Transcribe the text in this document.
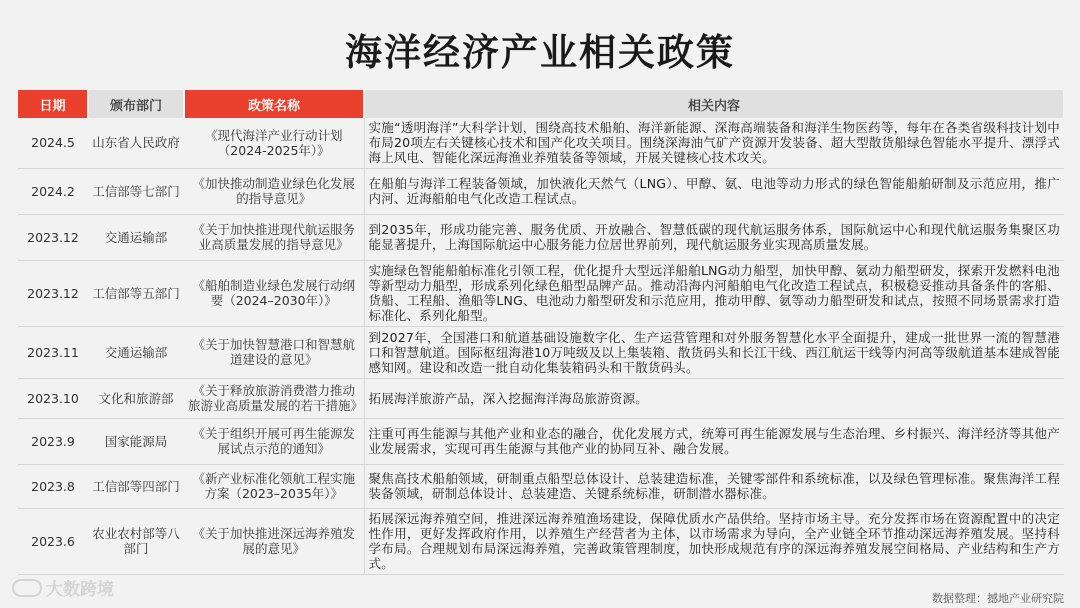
海洋经济产业相关政策
日期	颁布部门	政策名称	相关内容
2024.5	山东省人民政府	《现代海洋产业行动计划（2024-2025年）》	实施“透明海洋”大科学计划，围绕高技术船舶、海洋新能源、深海高端装备和海洋生物医药等，每年在各类省级科技计划中布局20项左右关键核心技术和国产化攻关项目。围绕深海油气矿产资源开发装备、超大型散货船绿色智能水平提升、漂浮式海上风电、智能化深远海渔业养殖装备等领域，开展关键核心技术攻关。
2024.2	工信部等七部门	《加快推动制造业绿色化发展的指导意见》	在船舶与海洋工程装备领域，加快液化天然气（LNG）、甲醇、氨、电池等动力形式的绿色智能船舶研制及示范应用，推广内河、近海船舶电气化改造工程试点。
2023.12	交通运输部	《关于加快推进现代航运服务业高质量发展的指导意见》	到2035年，形成功能完善、服务优质、开放融合、智慧低碳的现代航运服务体系，国际航运中心和现代航运服务集聚区功能显著提升，上海国际航运中心服务能力位居世界前列，现代航运服务业实现高质量发展。
2023.12	工信部等五部门	《船舶制造业绿色发展行动纲要（2024–2030年）》	实施绿色智能船舶标准化引领工程，优化提升大型远洋船舶LNG动力船型，加快甲醇、氨动力船型研发，探索开发燃料电池等新型动力船型，形成系列化绿色船型品牌产品。推动沿海内河船舶电气化改造工程试点，积极稳妥推动具备条件的客船、货船、工程船、渔船等LNG、电池动力船型研发和示范应用，推动甲醇、氨等动力船型研发和试点，按照不同场景需求打造标准化、系列化船型。
2023.11	交通运输部	《关于加快智慧港口和智慧航道建设的意见》	到2027年，全国港口和航道基础设施数字化、生产运营管理和对外服务智慧化水平全面提升，建成一批世界一流的智慧港口和智慧航道。国际枢纽海港10万吨级及以上集装箱、散货码头和长江干线、西江航运干线等内河高等级航道基本建成智能感知网。建设和改造一批自动化集装箱码头和干散货码头。
2023.10	文化和旅游部	《关于释放旅游消费潜力推动旅游业高质量发展的若干措施》	拓展海洋旅游产品，深入挖掘海洋海岛旅游资源。
2023.9	国家能源局	《关于组织开展可再生能源发展试点示范的通知》	注重可再生能源与其他产业和业态的融合，优化发展方式，统筹可再生能源发展与生态治理、乡村振兴、海洋经济等其他产业发展需求，实现可再生能源与其他产业的协同互补、融合发展。
2023.8	工信部等四部门	《新产业标准化领航工程实施方案（2023–2035年）》	聚焦高技术船舶领域，研制重点船型总体设计、总装建造标准，关键零部件和系统标准，以及绿色管理标准。聚焦海洋工程装备领域，研制总体设计、总装建造、关键系统标准，研制潜水器标准。
2023.6	农业农村部等八部门	《关于加快推进深远海养殖发展的意见》	拓展深远海养殖空间，推进深远海养殖渔场建设，保障优质水产品供给。坚持市场主导。充分发挥市场在资源配置中的决定性作用，更好发挥政府作用，以养殖生产经营者为主体，以市场需求为导向，全产业链全环节推动深远海养殖发展。坚持科学布局。合理规划布局深远海养殖，完善政策管理制度，加快形成规范有序的深远海养殖发展空间格局、产业结构和生产方式。
大数跨境	数据整理：撼地产业研究院
